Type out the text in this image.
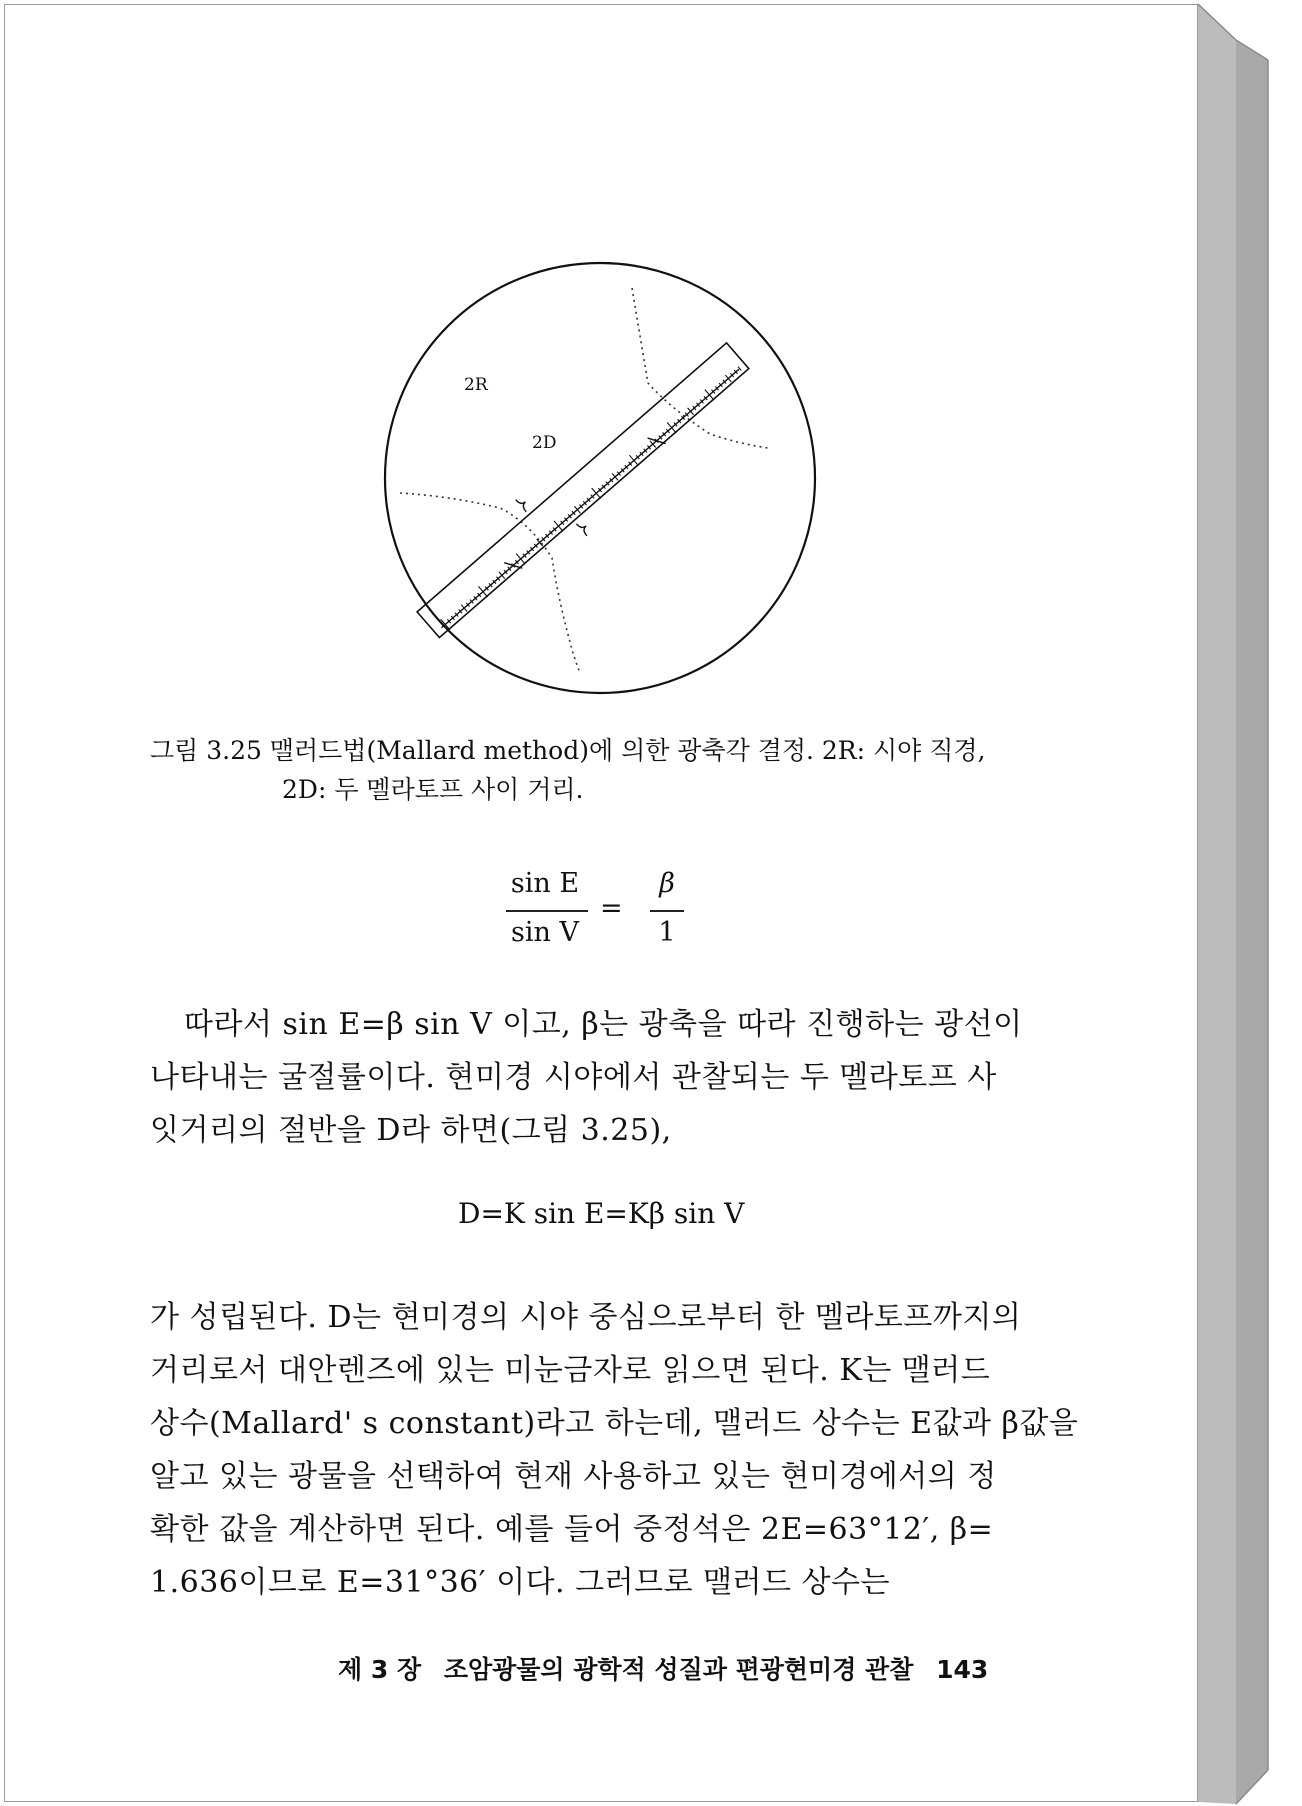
2R
2D
그림 3.25 맬러드법(Mallard method)에 의한 광축각 결정. 2R: 시야 직경,
2D: 두 멜라토프 사이 거리.
sin E
sin V
=
β
1
따라서 sin E=β sin V 이고, β는 광축을 따라 진행하는 광선이
나타내는 굴절률이다. 현미경 시야에서 관찰되는 두 멜라토프 사
잇거리의 절반을 D라 하면(그림 3.25),
D=K sin E=Kβ sin V
가 성립된다. D는 현미경의 시야 중심으로부터 한 멜라토프까지의
거리로서 대안렌즈에 있는 미눈금자로 읽으면 된다. K는 맬러드
상수(Mallard' s constant)라고 하는데, 맬러드 상수는 E값과 β값을
알고 있는 광물을 선택하여 현재 사용하고 있는 현미경에서의 정
확한 값을 계산하면 된다. 예를 들어 중정석은 2E=63°12′, β=
1.636이므로 E=31°36′ 이다. 그러므로 맬러드 상수는
제 3 장 조암광물의 광학적 성질과 편광현미경 관찰 143
